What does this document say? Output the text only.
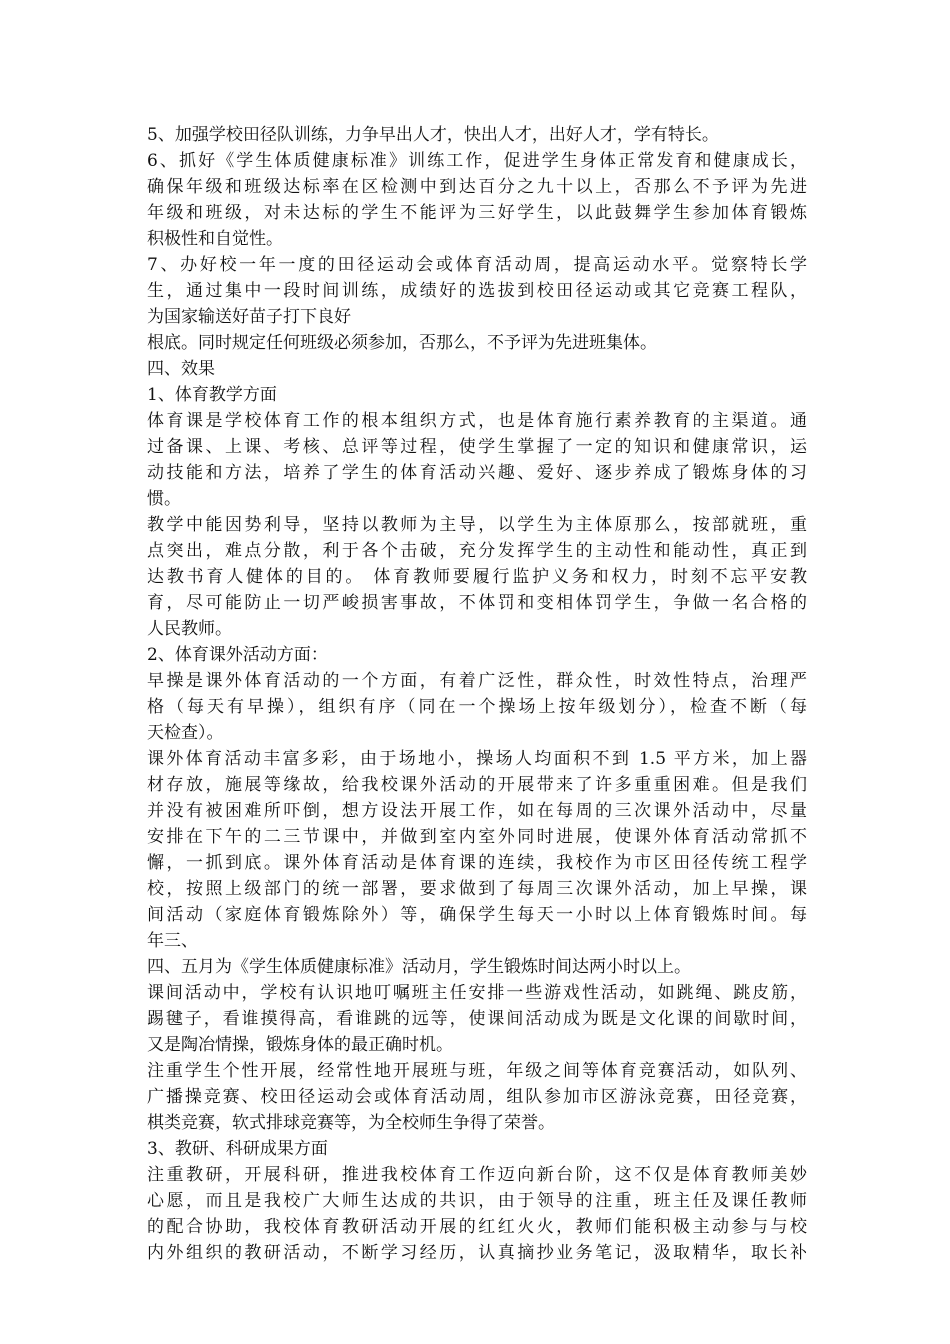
5、加强学校田径队训练，力争早出人才，快出人才，出好人才，学有特长。
6、抓好《学生体质健康标准》训练工作，促进学生身体正常发育和健康成长，
确保年级和班级达标率在区检测中到达百分之九十以上，否那么不予评为先进
年级和班级，对未达标的学生不能评为三好学生，以此鼓舞学生参加体育锻炼
积极性和自觉性。
7、办好校一年一度的田径运动会或体育活动周，提高运动水平。觉察特长学
生，通过集中一段时间训练，成绩好的选拔到校田径运动或其它竞赛工程队，
为国家输送好苗子打下良好
根底。同时规定任何班级必须参加，否那么，不予评为先进班集体。
四、效果
1、体育教学方面
体育课是学校体育工作的根本组织方式，也是体育施行素养教育的主渠道。通
过备课、上课、考核、总评等过程，使学生掌握了一定的知识和健康常识，运
动技能和方法，培养了学生的体育活动兴趣、爱好、逐步养成了锻炼身体的习
惯。
教学中能因势利导，坚持以教师为主导，以学生为主体原那么，按部就班，重
点突出，难点分散，利于各个击破，充分发挥学生的主动性和能动性，真正到
达教书育人健体的目的。 体育教师要履行监护义务和权力，时刻不忘平安教
育，尽可能防止一切严峻损害事故，不体罚和变相体罚学生，争做一名合格的
人民教师。
2、体育课外活动方面：
早操是课外体育活动的一个方面，有着广泛性，群众性，时效性特点，治理严
格（每天有早操），组织有序（同在一个操场上按年级划分），检查不断（每
天检查）。
课外体育活动丰富多彩，由于场地小，操场人均面积不到 1.5 平方米，加上器
材存放，施展等缘故，给我校课外活动的开展带来了许多重重困难。但是我们
并没有被困难所吓倒，想方设法开展工作，如在每周的三次课外活动中，尽量
安排在下午的二三节课中，并做到室内室外同时进展，使课外体育活动常抓不
懈，一抓到底。课外体育活动是体育课的连续，我校作为市区田径传统工程学
校，按照上级部门的统一部署，要求做到了每周三次课外活动，加上早操，课
间活动（家庭体育锻炼除外）等，确保学生每天一小时以上体育锻炼时间。每
年三、
四、五月为《学生体质健康标准》活动月，学生锻炼时间达两小时以上。
课间活动中，学校有认识地叮嘱班主任安排一些游戏性活动，如跳绳、跳皮筋，
踢毽子，看谁摸得高，看谁跳的远等，使课间活动成为既是文化课的间歇时间，
又是陶冶情操，锻炼身体的最正确时机。
注重学生个性开展，经常性地开展班与班，年级之间等体育竞赛活动，如队列、
广播操竞赛、校田径运动会或体育活动周，组队参加市区游泳竞赛，田径竞赛，
棋类竞赛，软式排球竞赛等，为全校师生争得了荣誉。
3、教研、科研成果方面
注重教研，开展科研，推进我校体育工作迈向新台阶，这不仅是体育教师美妙
心愿，而且是我校广大师生达成的共识，由于领导的注重，班主任及课任教师
的配合协助，我校体育教研活动开展的红红火火，教师们能积极主动参与与校
内外组织的教研活动，不断学习经历，认真摘抄业务笔记，汲取精华，取长补
